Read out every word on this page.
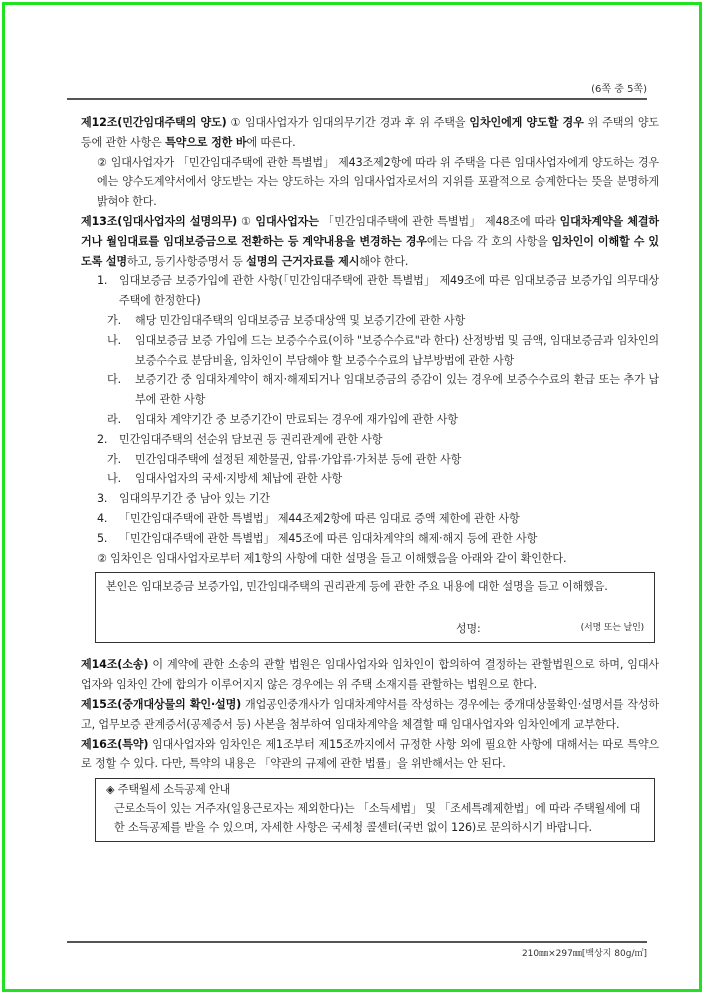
(6쪽 중 5쪽)
제12조(민간임대주택의 양도) ① 임대사업자가 임대의무기간 경과 후 위 주택을 임차인에게 양도할 경우 위 주택의 양도 등에 관한 사항은 특약으로 정한 바에 따른다.
② 임대사업자가 「민간임대주택에 관한 특별법」 제43조제2항에 따라 위 주택을 다른 임대사업자에게 양도하는 경우에는 양수도계약서에서 양도받는 자는 양도하는 자의 임대사업자로서의 지위를 포괄적으로 승계한다는 뜻을 분명하게 밝혀야 한다.
제13조(임대사업자의 설명의무) ① 임대사업자는 「민간임대주택에 관한 특별법」 제48조에 따라 임대차계약을 체결하거나 월임대료를 임대보증금으로 전환하는 등 계약내용을 변경하는 경우에는 다음 각 호의 사항을 임차인이 이해할 수 있도록 설명하고, 등기사항증명서 등 설명의 근거자료를 제시해야 한다.
1. 임대보증금 보증가입에 관한 사항(「민간임대주택에 관한 특별법」 제49조에 따른 임대보증금 보증가입 의무대상 주택에 한정한다)
가. 해당 민간임대주택의 임대보증금 보증대상액 및 보증기간에 관한 사항
나. 임대보증금 보증 가입에 드는 보증수수료(이하 "보증수수료"라 한다) 산정방법 및 금액, 임대보증금과 임차인의 보증수수료 분담비율, 임차인이 부담해야 할 보증수수료의 납부방법에 관한 사항
다. 보증기간 중 임대차계약이 해지·해제되거나 임대보증금의 증감이 있는 경우에 보증수수료의 환급 또는 추가 납부에 관한 사항
라. 임대차 계약기간 중 보증기간이 만료되는 경우에 재가입에 관한 사항
2. 민간임대주택의 선순위 담보권 등 권리관계에 관한 사항
가. 민간임대주택에 설정된 제한물권, 압류·가압류·가처분 등에 관한 사항
나. 임대사업자의 국세·지방세 체납에 관한 사항
3. 임대의무기간 중 남아 있는 기간
4. 「민간임대주택에 관한 특별법」 제44조제2항에 따른 임대료 증액 제한에 관한 사항
5. 「민간임대주택에 관한 특별법」 제45조에 따른 임대차계약의 해제·해지 등에 관한 사항
② 임차인은 임대사업자로부터 제1항의 사항에 대한 설명을 듣고 이해했음을 아래와 같이 확인한다.
본인은 임대보증금 보증가입, 민간임대주택의 권리관계 등에 관한 주요 내용에 대한 설명을 듣고 이해했음.
성명:	(서명 또는 날인)
제14조(소송) 이 계약에 관한 소송의 관할 법원은 임대사업자와 임차인이 합의하여 결정하는 관할법원으로 하며, 임대사업자와 임차인 간에 합의가 이루어지지 않은 경우에는 위 주택 소재지를 관할하는 법원으로 한다.
제15조(중개대상물의 확인·설명) 개업공인중개사가 임대차계약서를 작성하는 경우에는 중개대상물확인·설명서를 작성하고, 업무보증 관계증서(공제증서 등) 사본을 첨부하여 임대차계약을 체결할 때 임대사업자와 임차인에게 교부한다.
제16조(특약) 임대사업자와 임차인은 제1조부터 제15조까지에서 규정한 사항 외에 필요한 사항에 대해서는 따로 특약으로 정할 수 있다. 다만, 특약의 내용은 「약관의 규제에 관한 법률」을 위반해서는 안 된다.
◈ 주택월세 소득공제 안내
근로소득이 있는 거주자(일용근로자는 제외한다)는 「소득세법」 및 「조세특례제한법」에 따라 주택월세에 대한 소득공제를 받을 수 있으며, 자세한 사항은 국세청 콜센터(국번 없이 126)로 문의하시기 바랍니다.
210㎜×297㎜[백상지 80g/㎡]
